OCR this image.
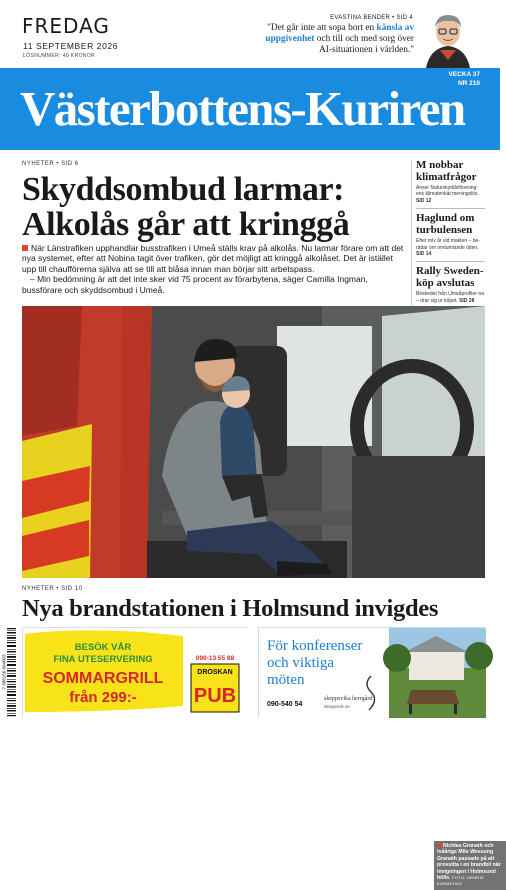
FREDAG
11 SEPTEMBER 2026
LÖSNUMMER: 40 KRONOR
EVASTINA BENDER • SID 4
"Det går inte att sopa bort en känsla av uppgivenhet och till och med sorg över AI-situationen i världen."
Västerbottens-Kuriren
VECKA 37
NR 210
NYHETER • SID 6
Skyddsombud larmar:
Alkolås går att kringgå

När Länstrafiken upphandlar busstrafiken i Umeå ställs krav på alkolås. Nu larmar förare om att det nya systemet, efter att Nobina tagit över trafiken, gör det möjligt att kringgå alkolåset. Det är istället upp till chaufförerna själva att se till att blåsa innan man börjar sitt arbetspass.

– Min bedömning är att det inte sker vid 75 procent av förarbytena, säger Camilla Ingman, bussförare och skyddsombud i Umeå.

M nobbar klimatfrågor
Anser Naturskyddsförening-ens klimatenkät meningslös. SID 12
Haglund om turbulensen
Efter tolv år vid makten – be-rättar om omtumlande tiden. SID 14
Rally Sweden-köp avslutas
Beskedet från Umeåprofiler-na – drar sig ur köpet. SID 28
Nichlas Granath och tvåårige Milo Wessung Granath passade på att provsitta i en brandbil när invigningen i Holmsund hölls. FOTO: HENRIK KARMEHAG
NYHETER • SID 10
Nya brandstationen i Holmsund invigdes
7 388156 604003
BESÖK VÅR
FINA UTESERVERING
SOMMARGRILL
från 299:-
090-13 55 88
DROSKAN
PUB
För konferenser
och viktiga
möten
090-540 54
skeppsvika herrgård
skeppsvik.se
